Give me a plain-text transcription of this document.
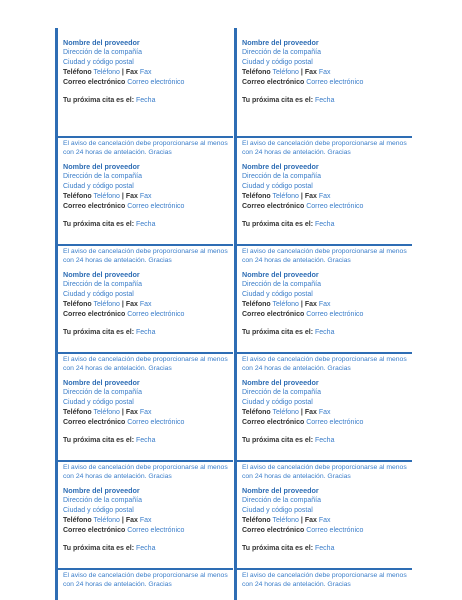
Nombre del proveedor
Dirección de la compañía
Ciudad y código postal
Teléfono Teléfono | Fax Fax
Correo electrónico Correo electrónico
Tu próxima cita es el: Fecha
Nombre del proveedor
Dirección de la compañía
Ciudad y código postal
Teléfono Teléfono | Fax Fax
Correo electrónico Correo electrónico
Tu próxima cita es el: Fecha
El aviso de cancelación debe proporcionarse al menos con 24 horas de antelación. Gracias
Nombre del proveedor
Dirección de la compañía
Ciudad y código postal
Teléfono Teléfono | Fax Fax
Correo electrónico Correo electrónico
Tu próxima cita es el: Fecha
El aviso de cancelación debe proporcionarse al menos con 24 horas de antelación. Gracias
Nombre del proveedor
Dirección de la compañía
Ciudad y código postal
Teléfono Teléfono | Fax Fax
Correo electrónico Correo electrónico
Tu próxima cita es el: Fecha
El aviso de cancelación debe proporcionarse al menos con 24 horas de antelación. Gracias
Nombre del proveedor
Dirección de la compañía
Ciudad y código postal
Teléfono Teléfono | Fax Fax
Correo electrónico Correo electrónico
Tu próxima cita es el: Fecha
El aviso de cancelación debe proporcionarse al menos con 24 horas de antelación. Gracias
Nombre del proveedor
Dirección de la compañía
Ciudad y código postal
Teléfono Teléfono | Fax Fax
Correo electrónico Correo electrónico
Tu próxima cita es el: Fecha
El aviso de cancelación debe proporcionarse al menos con 24 horas de antelación. Gracias
Nombre del proveedor
Dirección de la compañía
Ciudad y código postal
Teléfono Teléfono | Fax Fax
Correo electrónico Correo electrónico
Tu próxima cita es el: Fecha
El aviso de cancelación debe proporcionarse al menos con 24 horas de antelación. Gracias
Nombre del proveedor
Dirección de la compañía
Ciudad y código postal
Teléfono Teléfono | Fax Fax
Correo electrónico Correo electrónico
Tu próxima cita es el: Fecha
El aviso de cancelación debe proporcionarse al menos con 24 horas de antelación. Gracias
Nombre del proveedor
Dirección de la compañía
Ciudad y código postal
Teléfono Teléfono | Fax Fax
Correo electrónico Correo electrónico
Tu próxima cita es el: Fecha
El aviso de cancelación debe proporcionarse al menos con 24 horas de antelación. Gracias
Nombre del proveedor
Dirección de la compañía
Ciudad y código postal
Teléfono Teléfono | Fax Fax
Correo electrónico Correo electrónico
Tu próxima cita es el: Fecha
El aviso de cancelación debe proporcionarse al menos con 24 horas de antelación. Gracias
El aviso de cancelación debe proporcionarse al menos con 24 horas de antelación. Gracias
